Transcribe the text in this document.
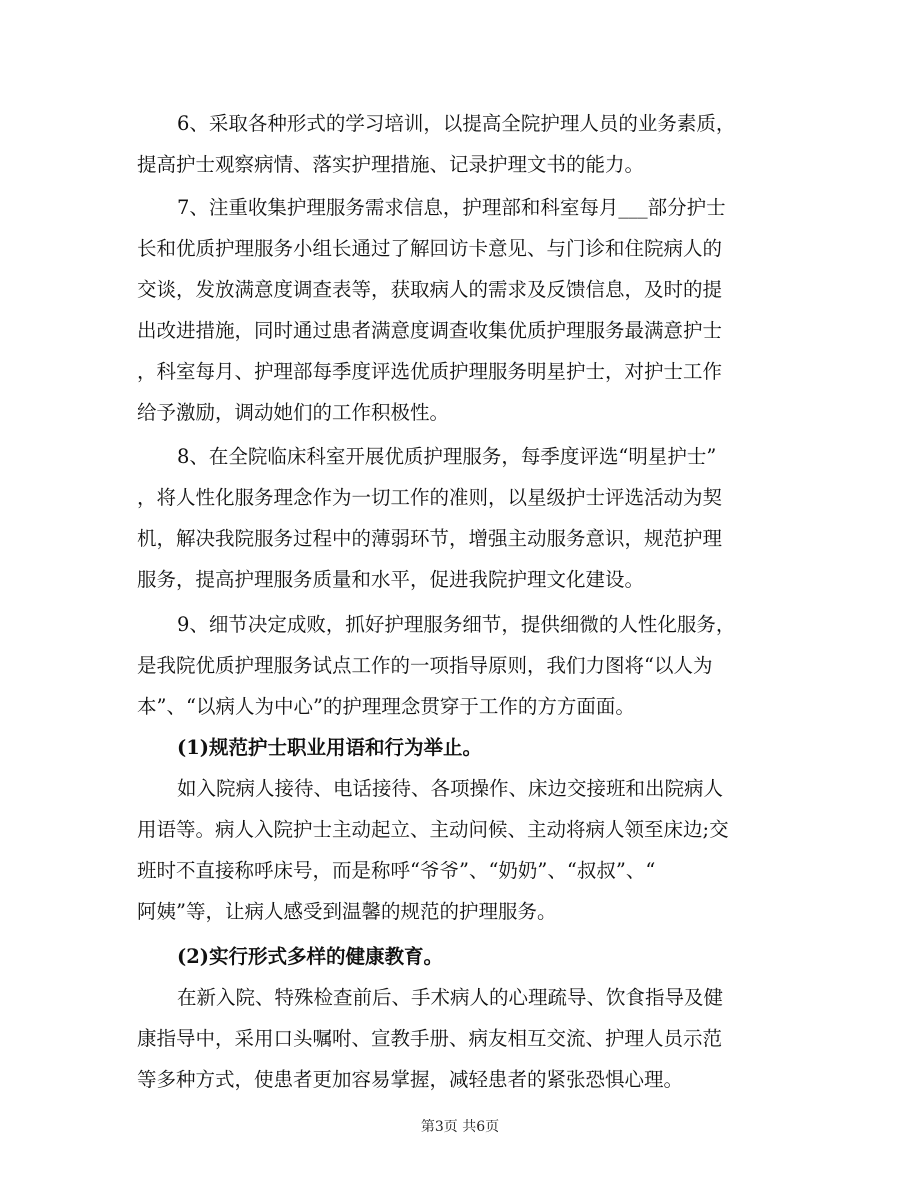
6、采取各种形式的学习培训，以提高全院护理人员的业务素质，
提高护士观察病情、落实护理措施、记录护理文书的能力。
7、注重收集护理服务需求信息，护理部和科室每月___部分护士
长和优质护理服务小组长通过了解回访卡意见、与门诊和住院病人的
交谈，发放满意度调查表等，获取病人的需求及反馈信息，及时的提
出改进措施，同时通过患者满意度调查收集优质护理服务最满意护士
，科室每月、护理部每季度评选优质护理服务明星护士，对护士工作
给予激励，调动她们的工作积极性。
8、在全院临床科室开展优质护理服务，每季度评选“明星护士”
，将人性化服务理念作为一切工作的准则，以星级护士评选活动为契
机，解决我院服务过程中的薄弱环节，增强主动服务意识，规范护理
服务，提高护理服务质量和水平，促进我院护理文化建设。
9、细节决定成败，抓好护理服务细节，提供细微的人性化服务，
是我院优质护理服务试点工作的一项指导原则，我们力图将“以人为
本”、“以病人为中心”的护理理念贯穿于工作的方方面面。
(1)规范护士职业用语和行为举止。
如入院病人接待、电话接待、各项操作、床边交接班和出院病人
用语等。病人入院护士主动起立、主动问候、主动将病人领至床边;交
班时不直接称呼床号，而是称呼“爷爷”、“奶奶”、“叔叔”、“
阿姨”等，让病人感受到温馨的规范的护理服务。
(2)实行形式多样的健康教育。
在新入院、特殊检查前后、手术病人的心理疏导、饮食指导及健
康指导中，采用口头嘱咐、宣教手册、病友相互交流、护理人员示范
等多种方式，使患者更加容易掌握，减轻患者的紧张恐惧心理。
第3页 共6页
